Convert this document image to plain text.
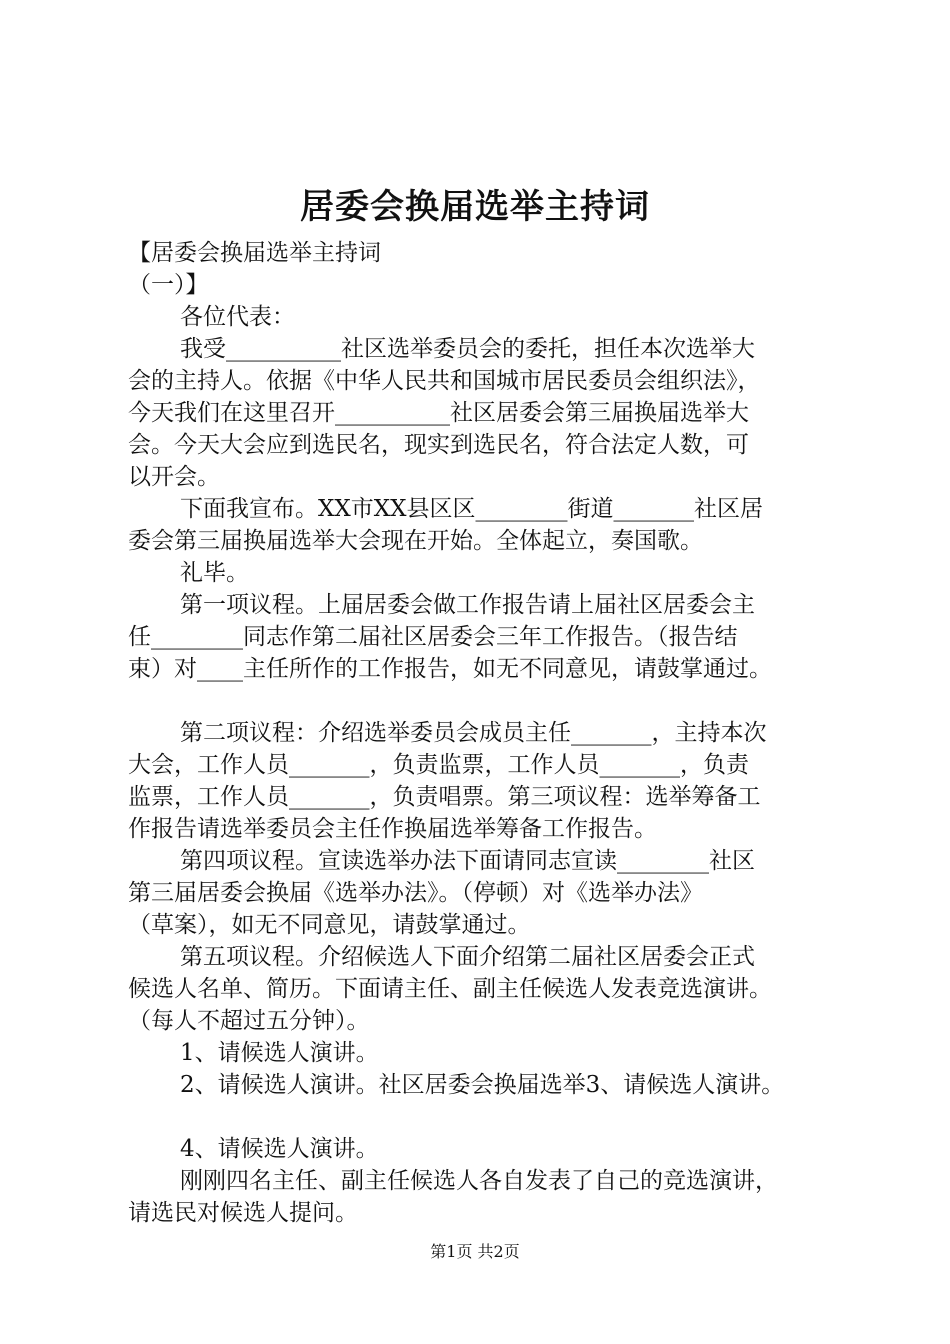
居委会换届选举主持词
【居委会换届选举主持词
（一）】
各位代表：
我受__________社区选举委员会的委托，担任本次选举大
会的主持人。依据《中华人民共和国城市居民委员会组织法》，
今天我们在这里召开__________社区居委会第三届换届选举大
会。今天大会应到选民名，现实到选民名，符合法定人数，可
以开会。
下面我宣布。XX市XX县区区________街道_______社区居
委会第三届换届选举大会现在开始。全体起立，奏国歌。
礼毕。
第一项议程。上届居委会做工作报告请上届社区居委会主
任________同志作第二届社区居委会三年工作报告。（报告结
束）对____主任所作的工作报告，如无不同意见，请鼓掌通过。
第二项议程：介绍选举委员会成员主任_______，主持本次
大会，工作人员_______，负责监票，工作人员_______，负责
监票，工作人员_______，负责唱票。第三项议程：选举筹备工
作报告请选举委员会主任作换届选举筹备工作报告。
第四项议程。宣读选举办法下面请同志宣读________社区
第三届居委会换届《选举办法》。（停顿）对《选举办法》
（草案），如无不同意见，请鼓掌通过。
第五项议程。介绍候选人下面介绍第二届社区居委会正式
候选人名单、简历。下面请主任、副主任候选人发表竞选演讲。
（每人不超过五分钟）。
1、请候选人演讲。
2、请候选人演讲。社区居委会换届选举3、请候选人演讲。
4、请候选人演讲。
刚刚四名主任、副主任候选人各自发表了自己的竞选演讲，
请选民对候选人提问。
第1页 共2页
